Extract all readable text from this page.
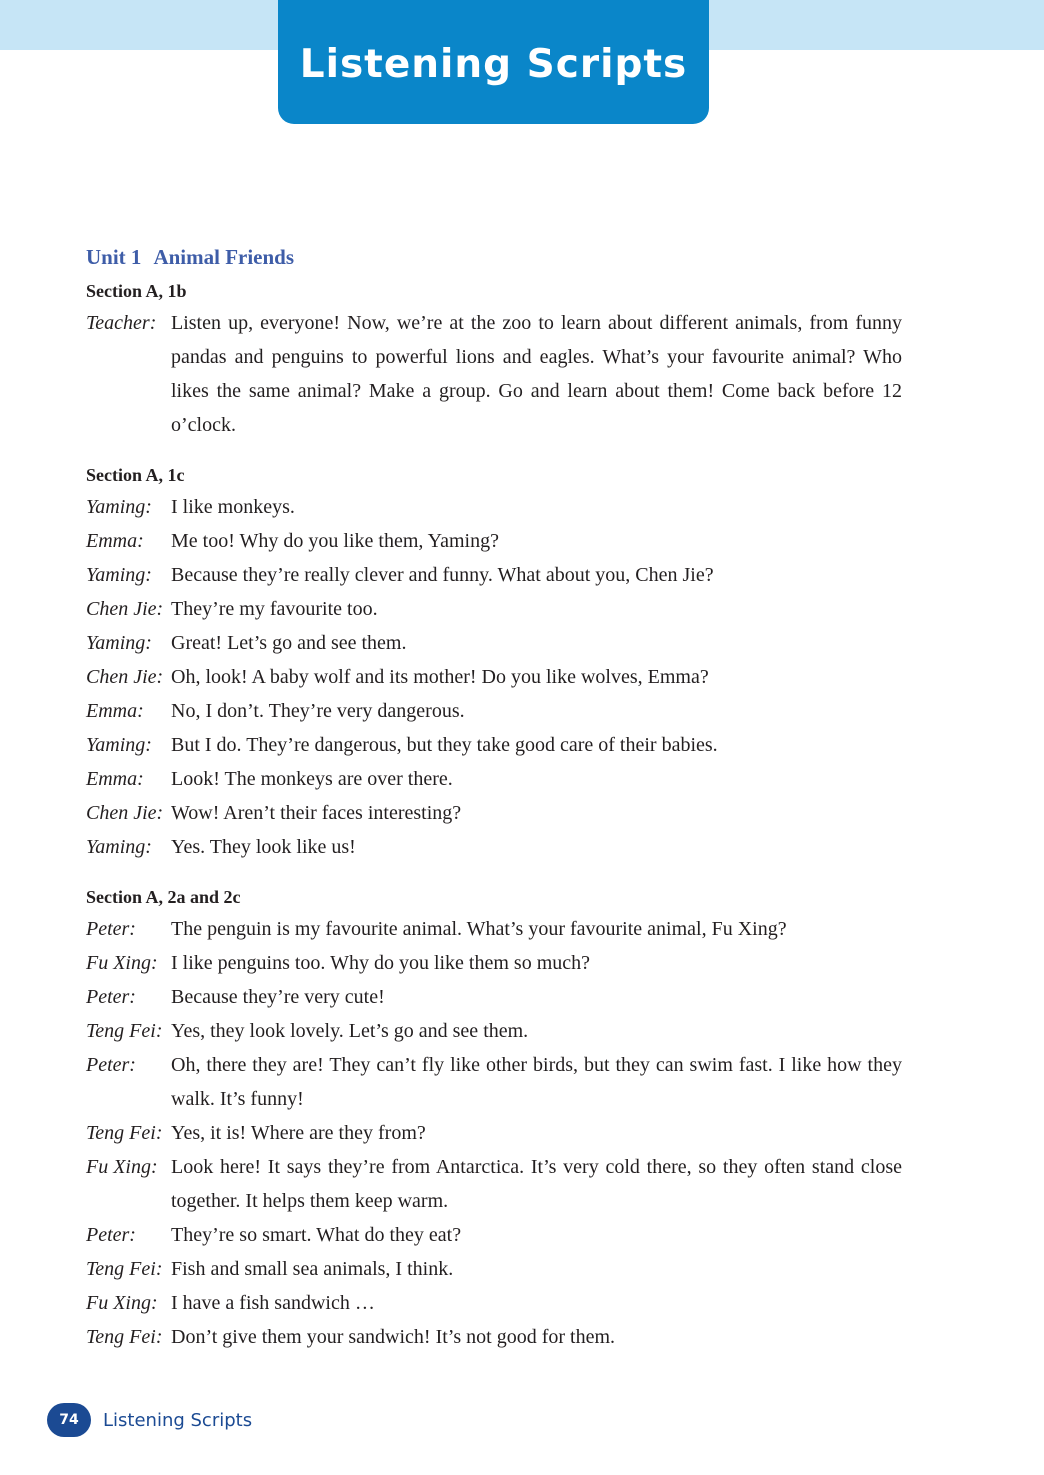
Listening Scripts
Unit 1 Animal Friends
Section A, 1b
Teacher: Listen up, everyone! Now, we’re at the zoo to learn about different animals, from funny pandas and penguins to powerful lions and eagles. What’s your favourite animal? Who likes the same animal? Make a group. Go and learn about them! Come back before 12 o’clock.
Section A, 1c
Yaming: I like monkeys.
Emma:	Me too! Why do you like them, Yaming?
Yaming: Because they’re really clever and funny. What about you, Chen Jie?
Chen Jie: They’re my favourite too.
Yaming: Great! Let’s go and see them.
Chen Jie: Oh, look! A baby wolf and its mother! Do you like wolves, Emma?
Emma:	No, I don’t. They’re very dangerous.
Yaming: But I do. They’re dangerous, but they take good care of their babies.
Emma:	Look! The monkeys are over there.
Chen Jie: Wow! Aren’t their faces interesting?
Yaming: Yes. They look like us!
Section A, 2a and 2c
Peter:	The penguin is my favourite animal. What’s your favourite animal, Fu Xing?
Fu Xing: I like penguins too. Why do you like them so much?
Peter:	Because they’re very cute!
Teng Fei: Yes, they look lovely. Let’s go and see them.
Peter:	Oh, there they are! They can’t fly like other birds, but they can swim fast. I like how they walk. It’s funny!
Teng Fei: Yes, it is! Where are they from?
Fu Xing: Look here! It says they’re from Antarctica. It’s very cold there, so they often stand close together. It helps them keep warm.
Peter:	They’re so smart. What do they eat?
Teng Fei: Fish and small sea animals, I think.
Fu Xing: I have a fish sandwich …
Teng Fei: Don’t give them your sandwich! It’s not good for them.
74 Listening Scripts
